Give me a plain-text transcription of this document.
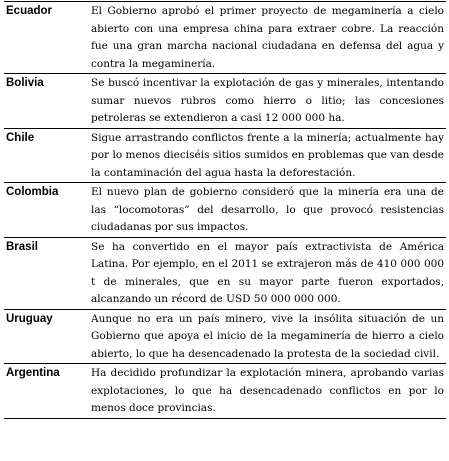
Ecuador	El Gobierno aprobó el primer proyecto de megaminería a cielo abierto con una empresa china para extraer cobre. La reacción fue una gran marcha nacional ciudadana en defensa del agua y contra la megaminería.
Bolivia	Se buscó incentivar la explotación de gas y minerales, intentando sumar nuevos rubros como hierro o litio; las concesiones petroleras se extendieron a casi 12 000 000 ha.
Chile	Sigue arrastrando conflictos frente a la minería; actualmente hay por lo menos dieciséis sitios sumidos en problemas que van desde la contaminación del agua hasta la deforestación.
Colombia	El nuevo plan de gobierno consideró que la minería era una de las “locomotoras” del desarrollo, lo que provocó resistencias ciudadanas por sus impactos.
Brasil	Se ha convertido en el mayor país extractivista de América Latina. Por ejemplo, en el 2011 se extrajeron más de 410 000 000 t de minerales, que en su mayor parte fueron exportados, alcanzando un récord de USD 50 000 000 000.
Uruguay	Aunque no era un país minero, vive la insólita situación de un Gobierno que apoya el inicio de la megaminería de hierro a cielo abierto, lo que ha desencadenado la protesta de la sociedad civil.
Argentina	Ha decidido profundizar la explotación minera, aprobando varias explotaciones, lo que ha desencadenado conflictos en por lo menos doce provincias.
